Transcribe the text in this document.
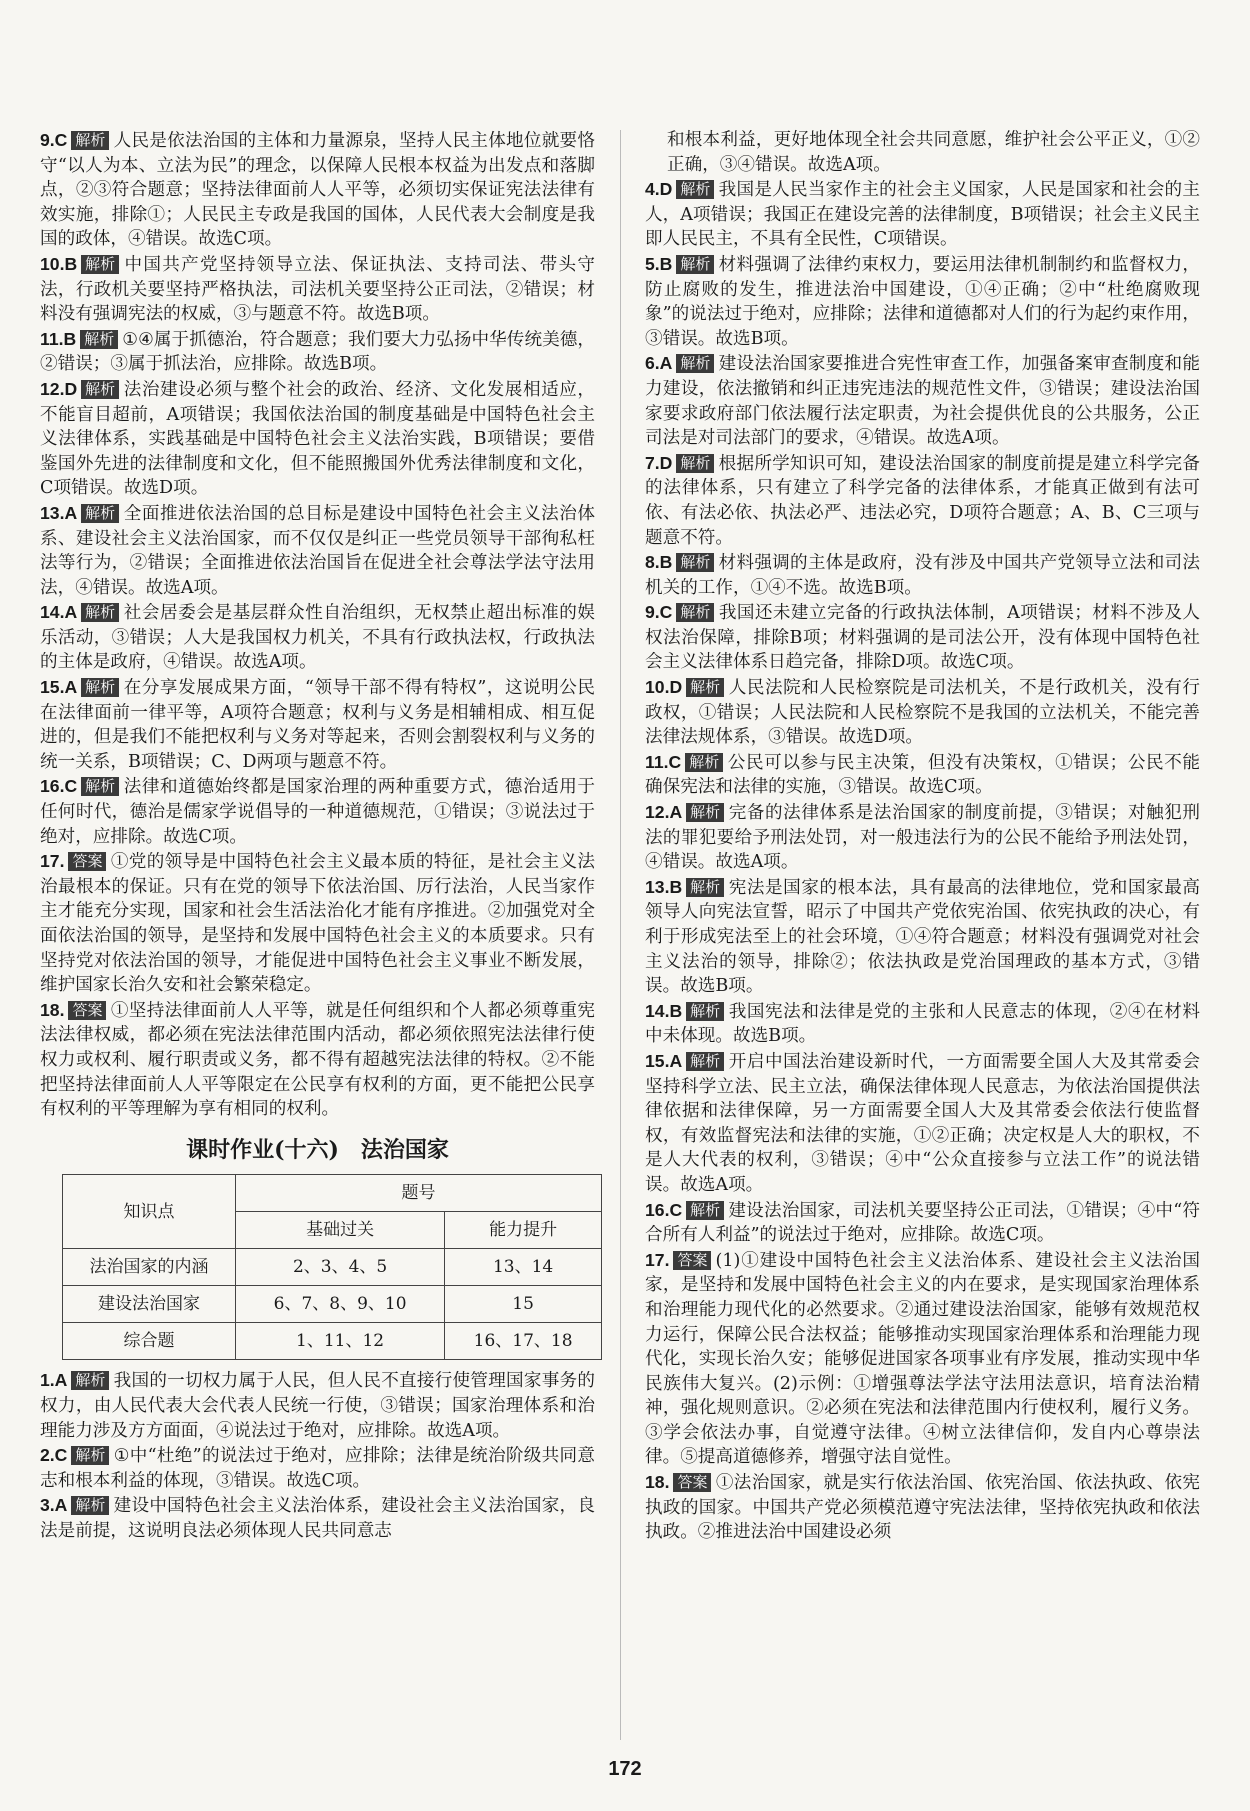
9.C 解析 人民是依法治国的主体和力量源泉，坚持人民主体地位就要恪守“以人为本、立法为民”的理念，以保障人民根本权益为出发点和落脚点，②③符合题意；坚持法律面前人人平等，必须切实保证宪法法律有效实施，排除①；人民民主专政是我国的国体，人民代表大会制度是我国的政体，④错误。故选C项。
10.B 解析 中国共产党坚持领导立法、保证执法、支持司法、带头守法，行政机关要坚持严格执法，司法机关要坚持公正司法，②错误；材料没有强调宪法的权威，③与题意不符。故选B项。
11.B 解析 ①④属于抓德治，符合题意；我们要大力弘扬中华传统美德，②错误；③属于抓法治，应排除。故选B项。
12.D 解析 法治建设必须与整个社会的政治、经济、文化发展相适应，不能盲目超前，A项错误；我国依法治国的制度基础是中国特色社会主义法律体系，实践基础是中国特色社会主义法治实践，B项错误；要借鉴国外先进的法律制度和文化，但不能照搬国外优秀法律制度和文化，C项错误。故选D项。
13.A 解析 全面推进依法治国的总目标是建设中国特色社会主义法治体系、建设社会主义法治国家，而不仅仅是纠正一些党员领导干部徇私枉法等行为，②错误；全面推进依法治国旨在促进全社会尊法学法守法用法，④错误。故选A项。
14.A 解析 社会居委会是基层群众性自治组织，无权禁止超出标准的娱乐活动，③错误；人大是我国权力机关，不具有行政执法权，行政执法的主体是政府，④错误。故选A项。
15.A 解析 在分享发展成果方面，“领导干部不得有特权”，这说明公民在法律面前一律平等，A项符合题意；权利与义务是相辅相成、相互促进的，但是我们不能把权利与义务对等起来，否则会割裂权利与义务的统一关系，B项错误；C、D两项与题意不符。
16.C 解析 法律和道德始终都是国家治理的两种重要方式，德治适用于任何时代，德治是儒家学说倡导的一种道德规范，①错误；③说法过于绝对，应排除。故选C项。
17. 答案 ①党的领导是中国特色社会主义最本质的特征，是社会主义法治最根本的保证。只有在党的领导下依法治国、厉行法治，人民当家作主才能充分实现，国家和社会生活法治化才能有序推进。②加强党对全面依法治国的领导，是坚持和发展中国特色社会主义的本质要求。只有坚持党对依法治国的领导，才能促进中国特色社会主义事业不断发展，维护国家长治久安和社会繁荣稳定。
18. 答案 ①坚持法律面前人人平等，就是任何组织和个人都必须尊重宪法法律权威，都必须在宪法法律范围内活动，都必须依照宪法法律行使权力或权利、履行职责或义务，都不得有超越宪法法律的特权。②不能把坚持法律面前人人平等限定在公民享有权利的方面，更不能把公民享有权利的平等理解为享有相同的权利。
课时作业(十六)　法治国家
知识点	题号	
	基础过关	能力提升
法治国家的内涵	2、3、4、5	13、14
建设法治国家	6、7、8、9、10	15
综合题	1、11、12	16、17、18
1.A 解析 我国的一切权力属于人民，但人民不直接行使管理国家事务的权力，由人民代表大会代表人民统一行使，③错误；国家治理体系和治理能力涉及方方面面，④说法过于绝对，应排除。故选A项。
2.C 解析 ①中“杜绝”的说法过于绝对，应排除；法律是统治阶级共同意志和根本利益的体现，③错误。故选C项。
3.A 解析 建设中国特色社会主义法治体系，建设社会主义法治国家，良法是前提，这说明良法必须体现人民共同意志
和根本利益，更好地体现全社会共同意愿，维护社会公平正义，①②正确，③④错误。故选A项。
4.D 解析 我国是人民当家作主的社会主义国家，人民是国家和社会的主人，A项错误；我国正在建设完善的法律制度，B项错误；社会主义民主即人民民主，不具有全民性，C项错误。
5.B 解析 材料强调了法律约束权力，要运用法律机制制约和监督权力，防止腐败的发生，推进法治中国建设，①④正确；②中“杜绝腐败现象”的说法过于绝对，应排除；法律和道德都对人们的行为起约束作用，③错误。故选B项。
6.A 解析 建设法治国家要推进合宪性审查工作，加强备案审查制度和能力建设，依法撤销和纠正违宪违法的规范性文件，③错误；建设法治国家要求政府部门依法履行法定职责，为社会提供优良的公共服务，公正司法是对司法部门的要求，④错误。故选A项。
7.D 解析 根据所学知识可知，建设法治国家的制度前提是建立科学完备的法律体系，只有建立了科学完备的法律体系，才能真正做到有法可依、有法必依、执法必严、违法必究，D项符合题意；A、B、C三项与题意不符。
8.B 解析 材料强调的主体是政府，没有涉及中国共产党领导立法和司法机关的工作，①④不选。故选B项。
9.C 解析 我国还未建立完备的行政执法体制，A项错误；材料不涉及人权法治保障，排除B项；材料强调的是司法公开，没有体现中国特色社会主义法律体系日趋完备，排除D项。故选C项。
10.D 解析 人民法院和人民检察院是司法机关，不是行政机关，没有行政权，①错误；人民法院和人民检察院不是我国的立法机关，不能完善法律法规体系，③错误。故选D项。
11.C 解析 公民可以参与民主决策，但没有决策权，①错误；公民不能确保宪法和法律的实施，③错误。故选C项。
12.A 解析 完备的法律体系是法治国家的制度前提，③错误；对触犯刑法的罪犯要给予刑法处罚，对一般违法行为的公民不能给予刑法处罚，④错误。故选A项。
13.B 解析 宪法是国家的根本法，具有最高的法律地位，党和国家最高领导人向宪法宣誓，昭示了中国共产党依宪治国、依宪执政的决心，有利于形成宪法至上的社会环境，①④符合题意；材料没有强调党对社会主义法治的领导，排除②；依法执政是党治国理政的基本方式，③错误。故选B项。
14.B 解析 我国宪法和法律是党的主张和人民意志的体现，②④在材料中未体现。故选B项。
15.A 解析 开启中国法治建设新时代，一方面需要全国人大及其常委会坚持科学立法、民主立法，确保法律体现人民意志，为依法治国提供法律依据和法律保障，另一方面需要全国人大及其常委会依法行使监督权，有效监督宪法和法律的实施，①②正确；决定权是人大的职权，不是人大代表的权利，③错误；④中“公众直接参与立法工作”的说法错误。故选A项。
16.C 解析 建设法治国家，司法机关要坚持公正司法，①错误；④中“符合所有人利益”的说法过于绝对，应排除。故选C项。
17. 答案 (1)①建设中国特色社会主义法治体系、建设社会主义法治国家，是坚持和发展中国特色社会主义的内在要求，是实现国家治理体系和治理能力现代化的必然要求。②通过建设法治国家，能够有效规范权力运行，保障公民合法权益；能够推动实现国家治理体系和治理能力现代化，实现长治久安；能够促进国家各项事业有序发展，推动实现中华民族伟大复兴。(2)示例：①增强尊法学法守法用法意识，培育法治精神，强化规则意识。②必须在宪法和法律范围内行使权利，履行义务。③学会依法办事，自觉遵守法律。④树立法律信仰，发自内心尊崇法律。⑤提高道德修养，增强守法自觉性。
18. 答案 ①法治国家，就是实行依法治国、依宪治国、依法执政、依宪执政的国家。中国共产党必须模范遵守宪法法律，坚持依宪执政和依法执政。②推进法治中国建设必须
172
